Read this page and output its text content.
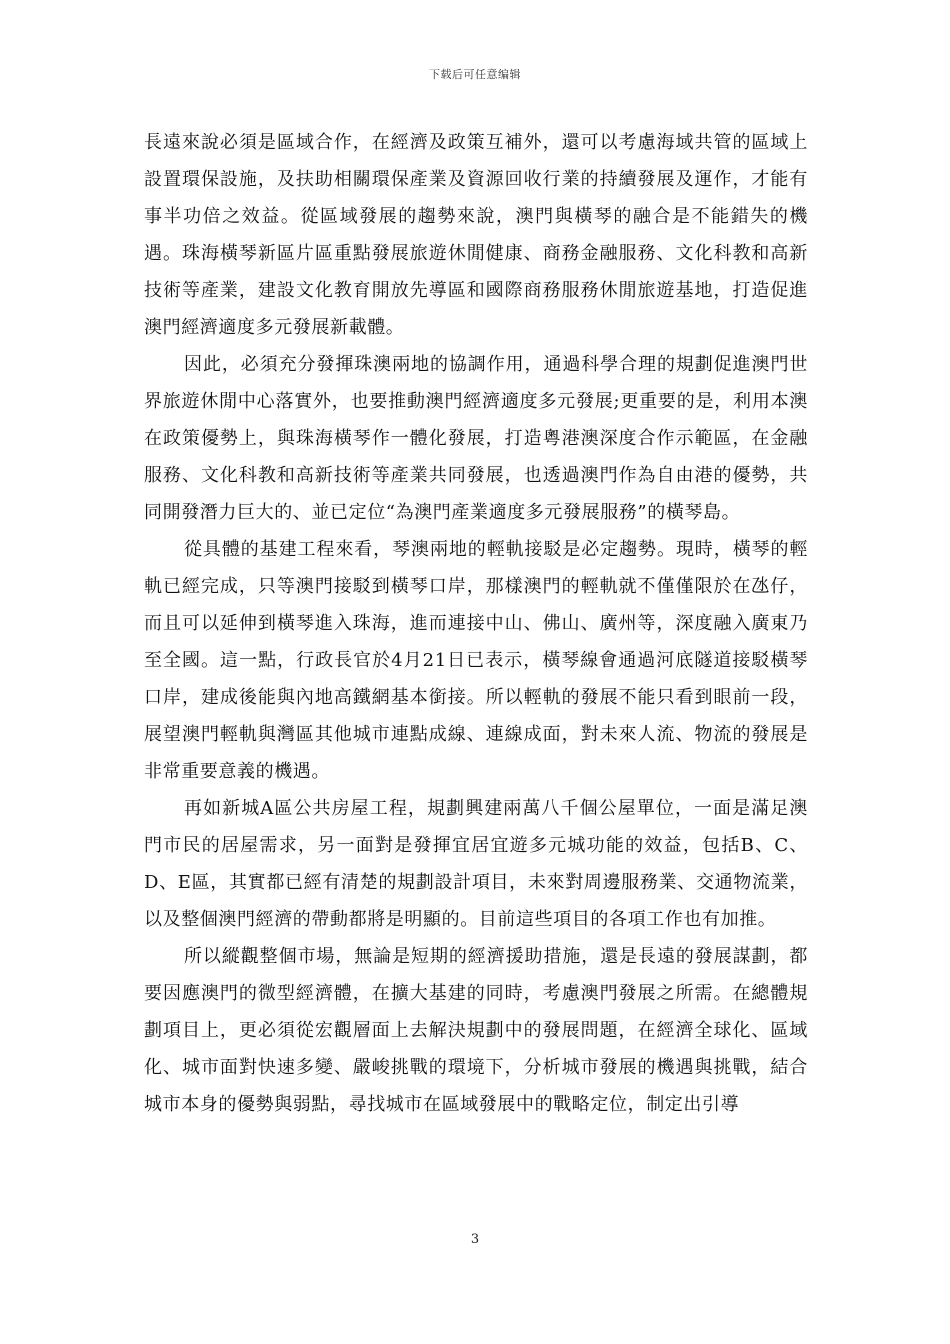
下载后可任意编辑

長遠來說必須是區域合作，在經濟及政策互補外，還可以考慮海域共管的區域上設置環保設施，及扶助相關環保產業及資源回收行業的持續發展及運作，才能有事半功倍之效益。從區域發展的趨勢來說，澳門與橫琴的融合是不能錯失的機遇。珠海橫琴新區片區重點發展旅遊休閒健康、商務金融服務、文化科教和高新技術等產業，建設文化教育開放先導區和國際商務服務休閒旅遊基地，打造促進澳門經濟適度多元發展新載體。

因此，必須充分發揮珠澳兩地的協調作用，通過科學合理的規劃促進澳門世界旅遊休閒中心落實外，也要推動澳門經濟適度多元發展;更重要的是，利用本澳在政策優勢上，與珠海橫琴作一體化發展，打造粵港澳深度合作示範區，在金融服務、文化科教和高新技術等產業共同發展，也透過澳門作為自由港的優勢，共同開發潛力巨大的、並已定位“為澳門產業適度多元發展服務”的橫琴島。

從具體的基建工程來看，琴澳兩地的輕軌接駁是必定趨勢。現時，橫琴的輕軌已經完成，只等澳門接駁到橫琴口岸，那樣澳門的輕軌就不僅僅限於在氹仔，而且可以延伸到橫琴進入珠海，進而連接中山、佛山、廣州等，深度融入廣東乃至全國。這一點，行政長官於4月21日已表示，橫琴線會通過河底隧道接駁橫琴口岸，建成後能與內地高鐵網基本銜接。所以輕軌的發展不能只看到眼前一段，展望澳門輕軌與灣區其他城市連點成線、連線成面，對未來人流、物流的發展是非常重要意義的機遇。

再如新城A區公共房屋工程，規劃興建兩萬八千個公屋單位，一面是滿足澳門市民的居屋需求，另一面對是發揮宜居宜遊多元城功能的效益，包括B、C、D、E區，其實都已經有清楚的規劃設計項目，未來對周邊服務業、交通物流業，以及整個澳門經濟的帶動都將是明顯的。目前這些項目的各項工作也有加推。

所以縱觀整個市場，無論是短期的經濟援助措施，還是長遠的發展謀劃，都要因應澳門的微型經濟體，在擴大基建的同時，考慮澳門發展之所需。在總體規劃項目上，更必須從宏觀層面上去解決規劃中的發展問題，在經濟全球化、區域化、城市面對快速多變、嚴峻挑戰的環境下，分析城市發展的機遇與挑戰，結合城市本身的優勢與弱點，尋找城市在區域發展中的戰略定位，制定出引導

3
